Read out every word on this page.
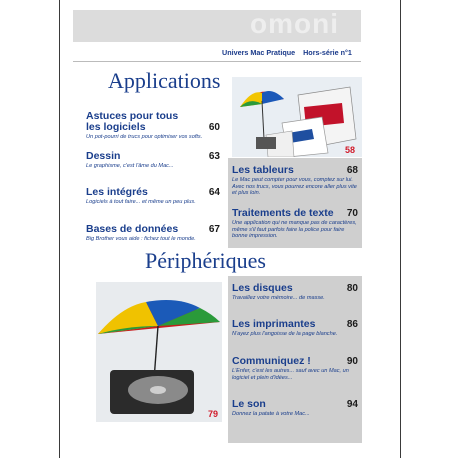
omoni
Univers Mac Pratique Hors-série n°1
Applications
58
Astuces pour tous les logiciels	60
Un pot-pourri de trucs pour optimiser vos softs.
Dessin	63
Le graphisme, c'est l'âme du Mac...
Les intégrés	64
Logiciels à tout faire... et même un peu plus.
Bases de données	67
Big Brother vous aide : fichez tout le monde.
Les tableurs	68
Le Mac peut compter pour vous, comptez sur lui. Avec nos trucs, vous pourrez encore aller plus vite et plus loin.
Traitements de texte	70
Une application qui ne manque pas de caractères, même s'il faut parfois faire la police pour faire bonne impression.
Périphériques
79
Les disques	80
Travaillez votre mémoire... de masse.
Les imprimantes	86
N'ayez plus l'angoisse de la page blanche.
Communiquez !	90
L'Enfer, c'est les autres... sauf avec un Mac, un logiciel et plein d'idées...
Le son	94
Donnez la patate à votre Mac...
